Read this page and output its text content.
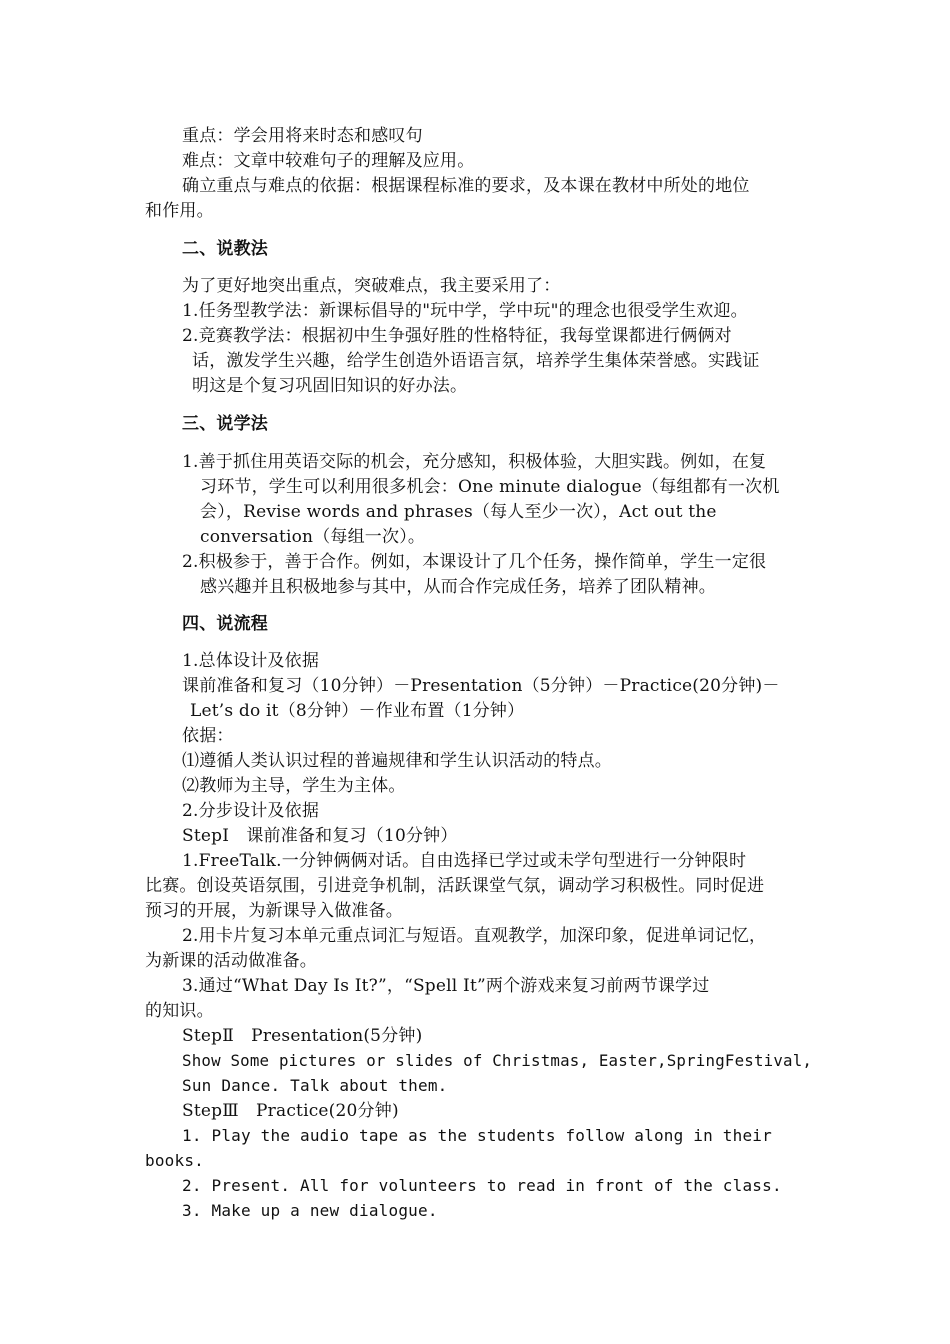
重点：学会用将来时态和感叹句
难点：文章中较难句子的理解及应用。
确立重点与难点的依据：根据课程标准的要求，及本课在教材中所处的地位
和作用。
二、说教法
为了更好地突出重点，突破难点，我主要采用了：
1.任务型教学法：新课标倡导的"玩中学，学中玩"的理念也很受学生欢迎。
2.竞赛教学法：根据初中生争强好胜的性格特征，我每堂课都进行俩俩对
话，激发学生兴趣，给学生创造外语语言氛，培养学生集体荣誉感。实践证
明这是个复习巩固旧知识的好办法。
三、说学法
1.善于抓住用英语交际的机会，充分感知，积极体验，大胆实践。例如，在复
习环节，学生可以利用很多机会：One minute dialogue（每组都有一次机
会），Revise words and phrases（每人至少一次），Act out the
conversation（每组一次）。
2.积极参于，善于合作。例如，本课设计了几个任务，操作简单，学生一定很
感兴趣并且积极地参与其中，从而合作完成任务，培养了团队精神。
四、说流程
1.总体设计及依据
课前准备和复习（10分钟）－Presentation（5分钟）－Practice(20分钟)－
Let’s do it（8分钟）－作业布置（1分钟）
依据：
⑴遵循人类认识过程的普遍规律和学生认识活动的特点。
⑵教师为主导，学生为主体。
2.分步设计及依据
StepⅠ　课前准备和复习（10分钟）
1.FreeTalk.一分钟俩俩对话。自由选择已学过或未学句型进行一分钟限时
比赛。创设英语氛围，引进竞争机制，活跃课堂气氛，调动学习积极性。同时促进
预习的开展，为新课导入做准备。
2.用卡片复习本单元重点词汇与短语。直观教学，加深印象，促进单词记忆，
为新课的活动做准备。
3.通过“What Day Is It?”，“Spell It”两个游戏来复习前两节课学过
的知识。
StepⅡ　Presentation(5分钟)
Show Some pictures or slides of Christmas, Easter,SpringFestival,
Sun Dance. Talk about them.
StepⅢ　Practice(20分钟)
1. Play the audio tape as the students follow along in their
books.
2. Present. All for volunteers to read in front of the class.
3. Make up a new dialogue.
